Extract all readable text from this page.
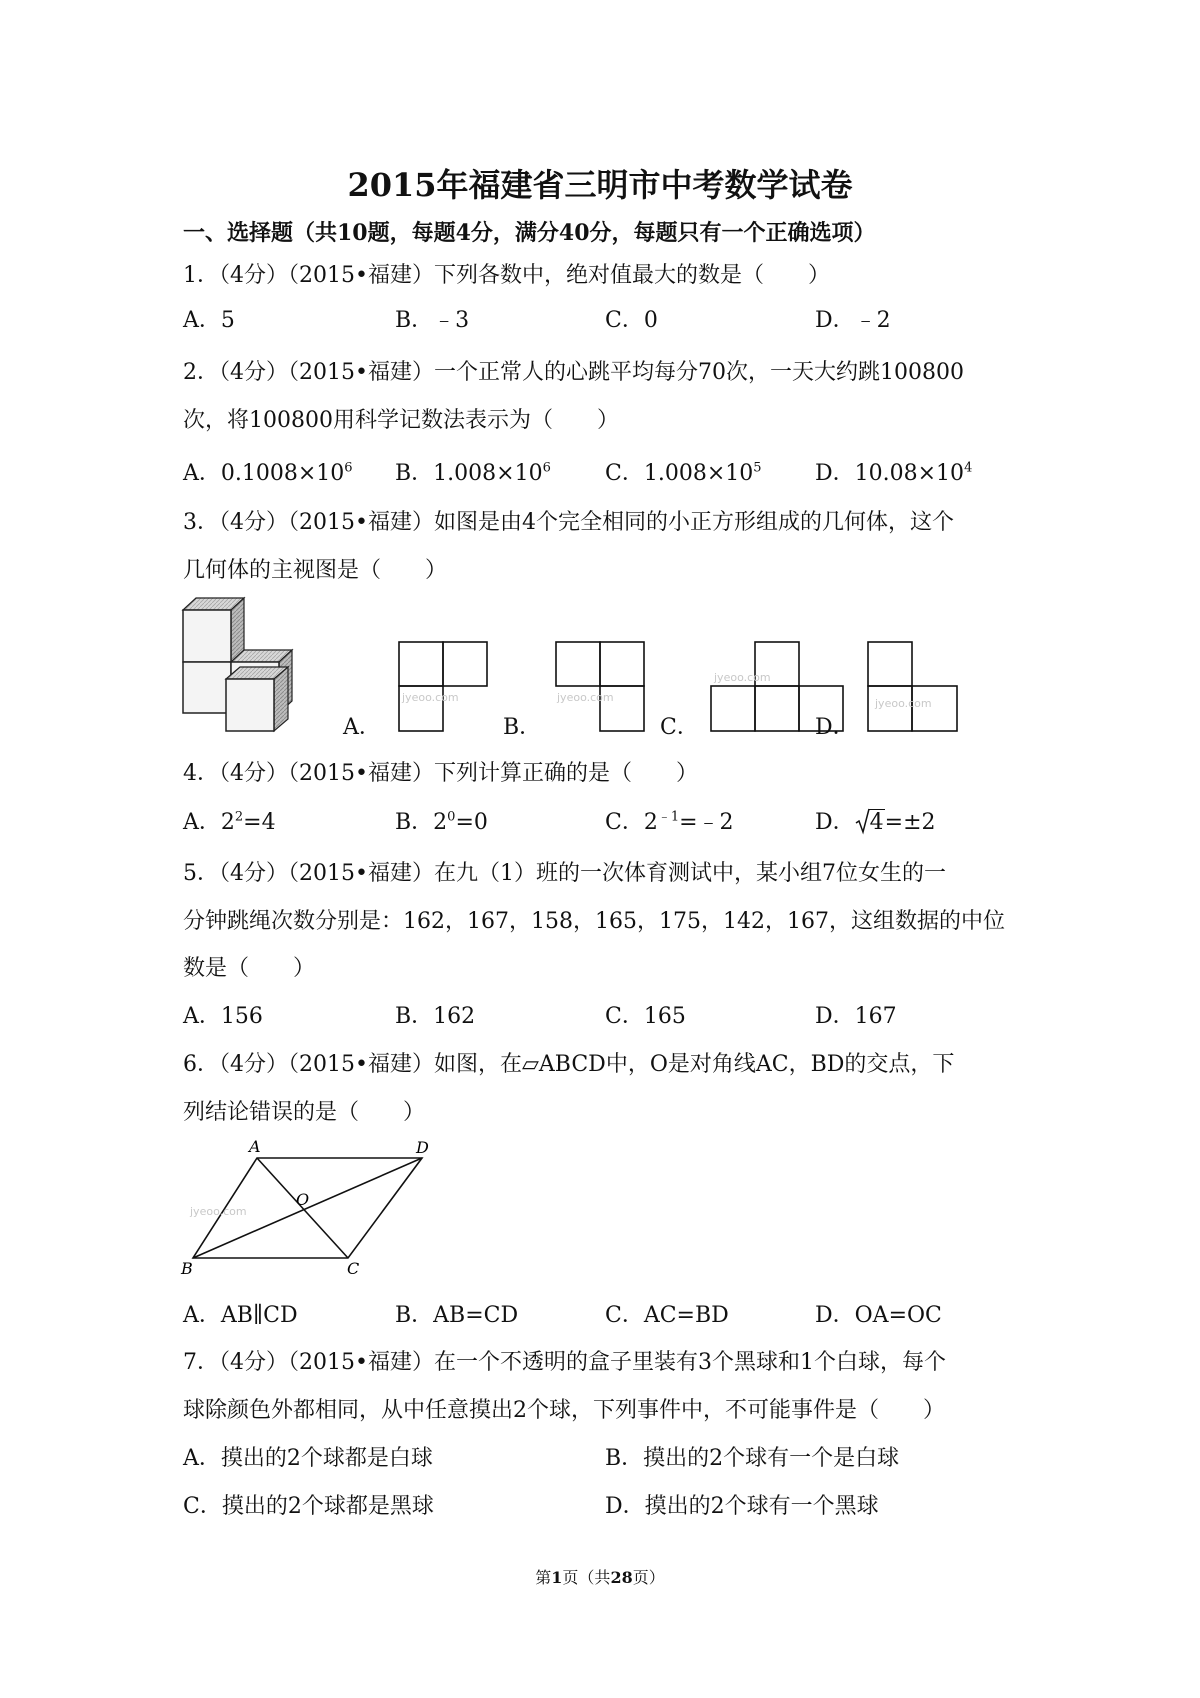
2015年福建省三明市中考数学试卷
一、选择题（共10题，每题4分，满分40分，每题只有一个正确选项）
1．（4分）（2015•福建）下列各数中，绝对值最大的数是（　　）
A．5	B．﹣3	C．0	D．﹣2
2．（4分）（2015•福建）一个正常人的心跳平均每分70次，一天大约跳100800
次，将100800用科学记数法表示为（　　）
A．$0.1008\times 10^6$ B．$1.008\times 10^6$ C．$1.008\times 10^5$ D．$10.08\times 10^4$
3．（4分）（2015•福建）如图是由4个完全相同的小正方形组成的几何体，这个
几何体的主视图是（　　）
A．
jyeoo.com
B．
jyeoo.com
C．
jyeoo.com
D．
jyeoo.com
4．（4分）（2015•福建）下列计算正确的是（　　）
A．$2^2=4$	B．$2^0=0$	C．$2^{﹣1}=﹣2$	D． 4=±2
5．（4分）（2015•福建）在九（1）班的一次体育测试中，某小组7位女生的一
分钟跳绳次数分别是：162，167，158，165，175，142，167，这组数据的中位
数是（　　）
A．156	B．162	C．165	D．167
6．（4分）（2015•福建）如图，在▱ABCD中，O是对角线AC，BD的交点，下
列结论错误的是（　　）
A	D
O
B	C
jyeoo.com
A．AB∥CD	B．AB=CD	C．AC=BD	D．OA=OC
7．（4分）（2015•福建）在一个不透明的盒子里装有3个黑球和1个白球，每个
球除颜色外都相同，从中任意摸出2个球，下列事件中，不可能事件是（　　）
A．摸出的2个球都是白球	B．摸出的2个球有一个是白球
C．摸出的2个球都是黑球	D．摸出的2个球有一个黑球
第1页（共28页）
